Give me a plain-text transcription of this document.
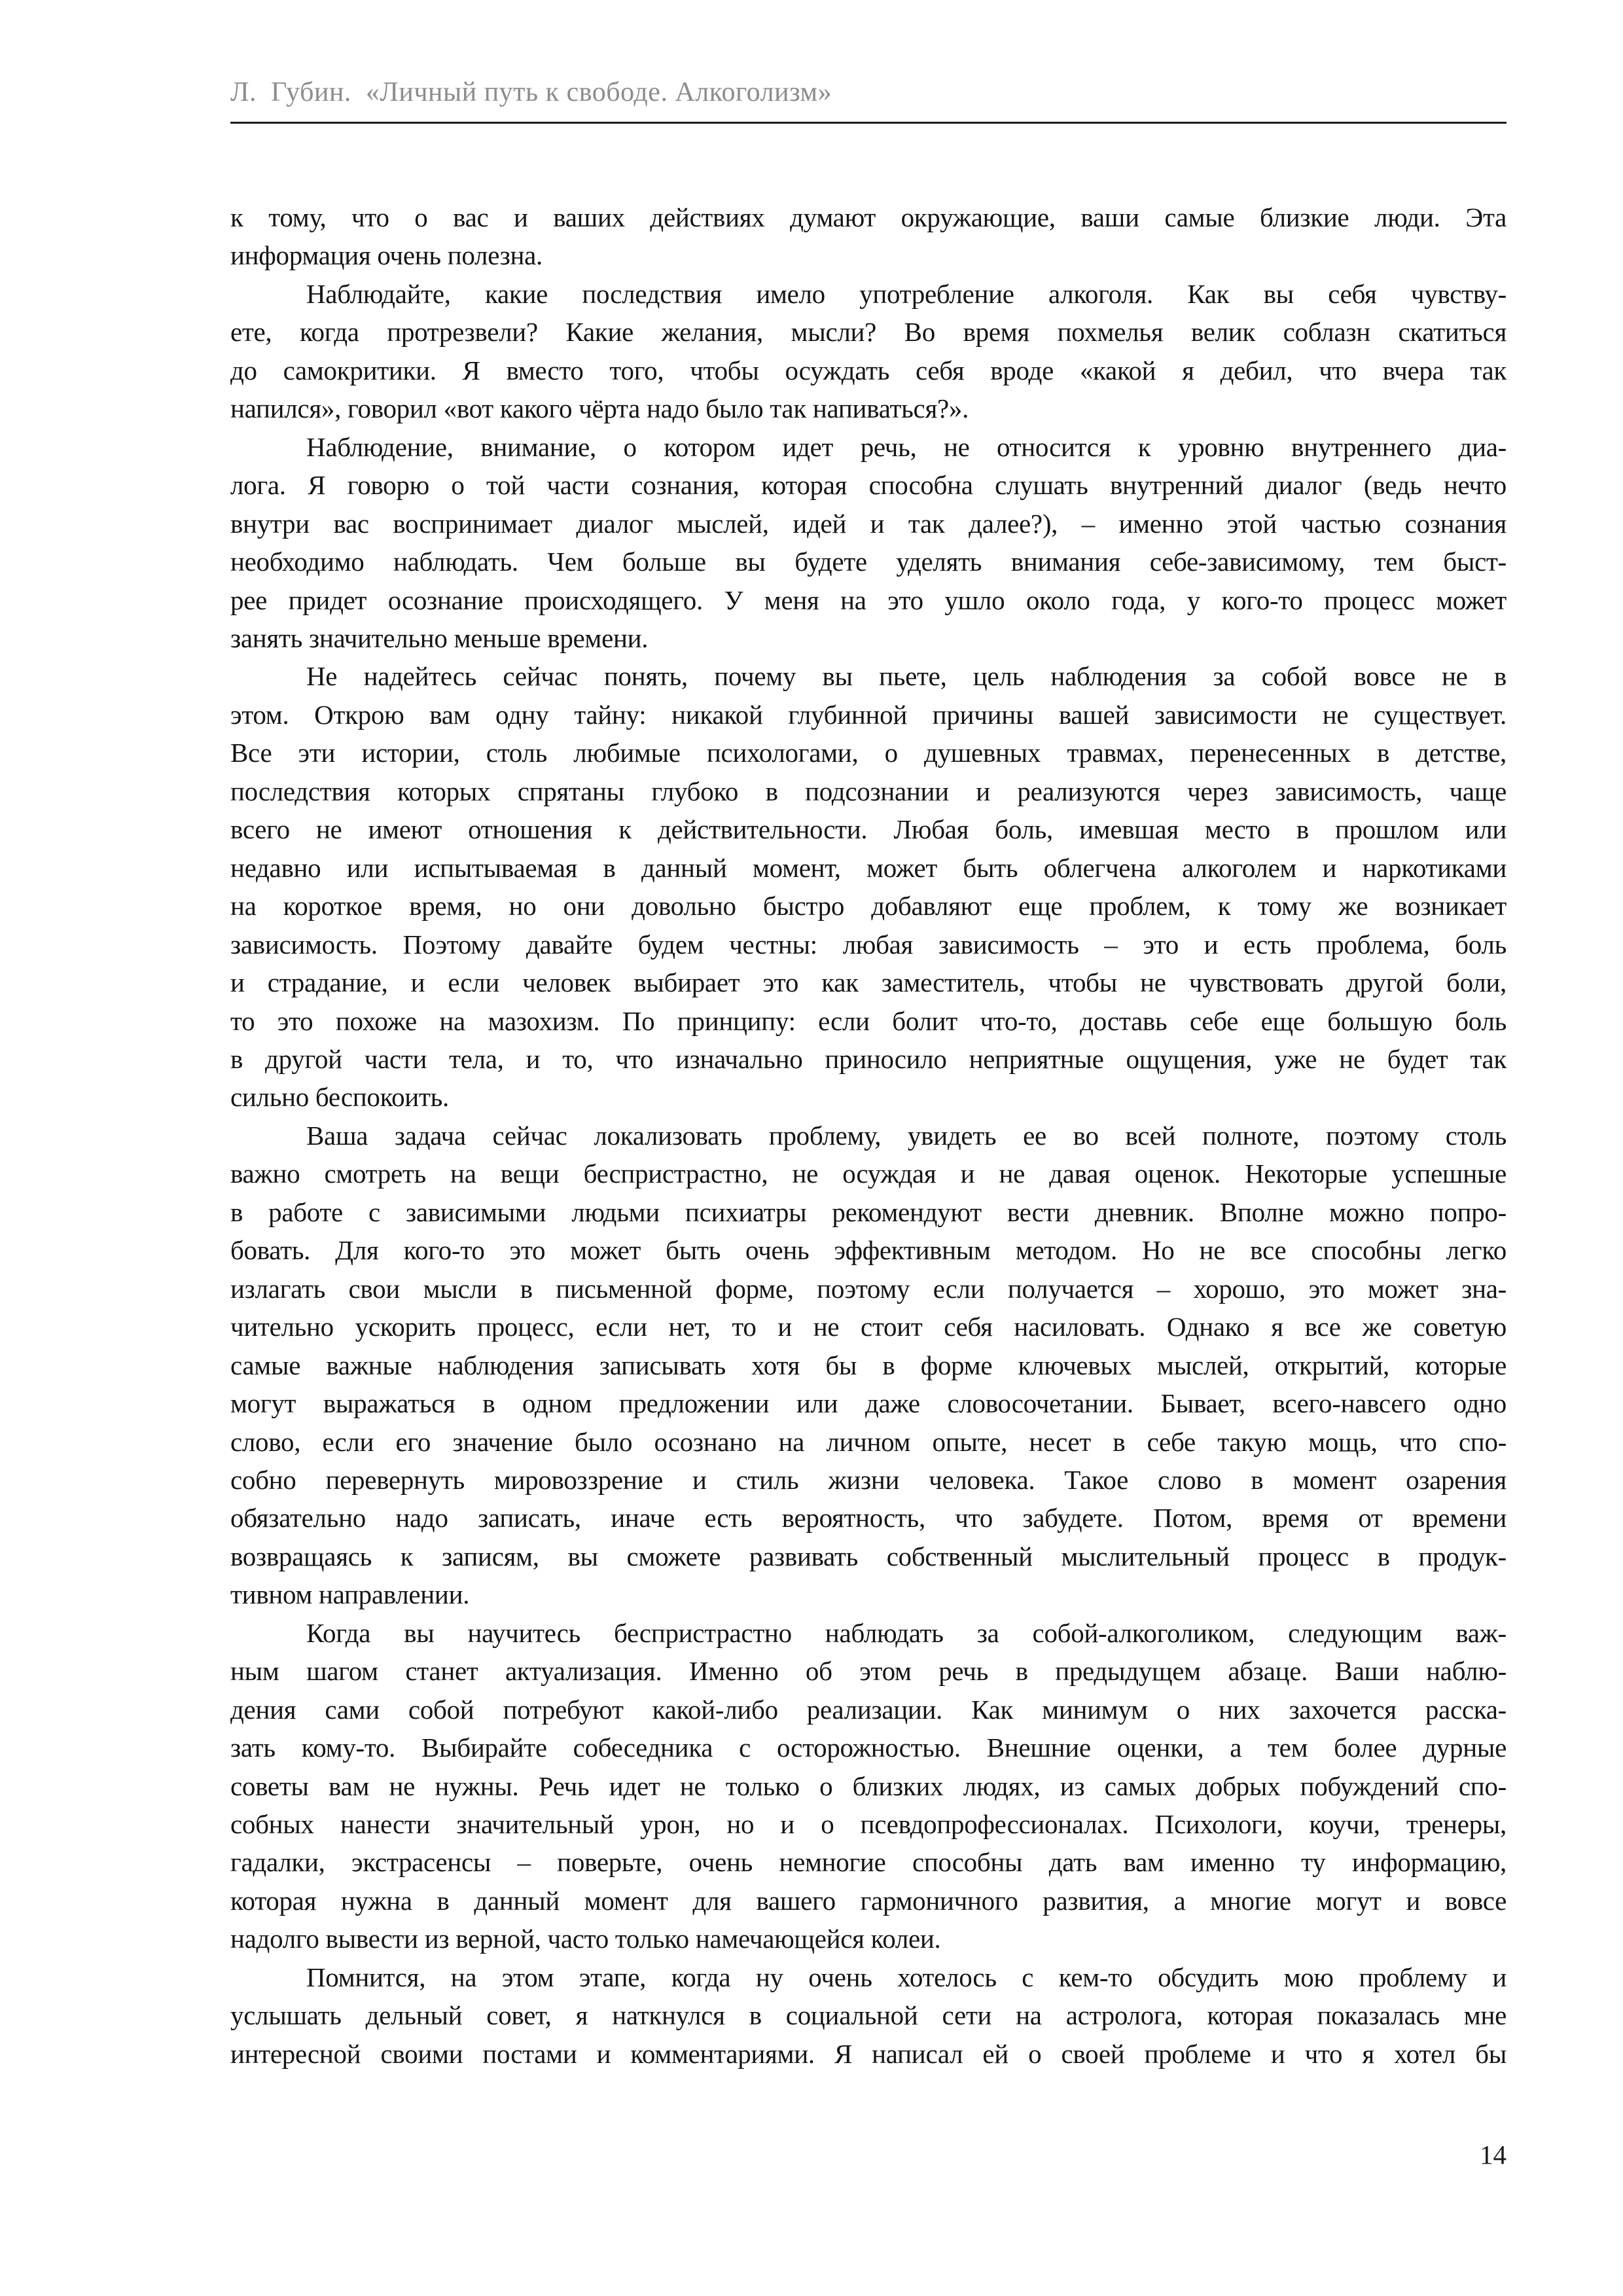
Л.  Губин.  «Личный путь к свободе. Алкоголизм»
к тому, что о вас и ваших действиях думают окружающие, ваши самые близкие люди. Эта
информация очень полезна.
Наблюдайте, какие последствия имело употребление алкоголя. Как вы себя чувству-
ете, когда протрезвели? Какие желания, мысли? Во время похмелья велик соблазн скатиться
до самокритики. Я вместо того, чтобы осуждать себя вроде «какой я дебил, что вчера так
напился», говорил «вот какого чёрта надо было так напиваться?».
Наблюдение, внимание, о котором идет речь, не относится к уровню внутреннего диа-
лога. Я говорю о той части сознания, которая способна слушать внутренний диалог (ведь нечто
внутри вас воспринимает диалог мыслей, идей и так далее?), – именно этой частью сознания
необходимо наблюдать. Чем больше вы будете уделять внимания себе-зависимому, тем быст-
рее придет осознание происходящего. У меня на это ушло около года, у кого-то процесс может
занять значительно меньше времени.
Не надейтесь сейчас понять, почему вы пьете, цель наблюдения за собой вовсе не в
этом. Открою вам одну тайну: никакой глубинной причины вашей зависимости не существует.
Все эти истории, столь любимые психологами, о душевных травмах, перенесенных в детстве,
последствия которых спрятаны глубоко в подсознании и реализуются через зависимость, чаще
всего не имеют отношения к действительности. Любая боль, имевшая место в прошлом или
недавно или испытываемая в данный момент, может быть облегчена алкоголем и наркотиками
на короткое время, но они довольно быстро добавляют еще проблем, к тому же возникает
зависимость. Поэтому давайте будем честны: любая зависимость – это и есть проблема, боль
и страдание, и если человек выбирает это как заместитель, чтобы не чувствовать другой боли,
то это похоже на мазохизм. По принципу: если болит что-то, доставь себе еще большую боль
в другой части тела, и то, что изначально приносило неприятные ощущения, уже не будет так
сильно беспокоить.
Ваша задача сейчас локализовать проблему, увидеть ее во всей полноте, поэтому столь
важно смотреть на вещи беспристрастно, не осуждая и не давая оценок. Некоторые успешные
в работе с зависимыми людьми психиатры рекомендуют вести дневник. Вполне можно попро-
бовать. Для кого-то это может быть очень эффективным методом. Но не все способны легко
излагать свои мысли в письменной форме, поэтому если получается – хорошо, это может зна-
чительно ускорить процесс, если нет, то и не стоит себя насиловать. Однако я все же советую
самые важные наблюдения записывать хотя бы в форме ключевых мыслей, открытий, которые
могут выражаться в одном предложении или даже словосочетании. Бывает, всего-навсего одно
слово, если его значение было осознано на личном опыте, несет в себе такую мощь, что спо-
собно перевернуть мировоззрение и стиль жизни человека. Такое слово в момент озарения
обязательно надо записать, иначе есть вероятность, что забудете. Потом, время от времени
возвращаясь к записям, вы сможете развивать собственный мыслительный процесс в продук-
тивном направлении.
Когда вы научитесь беспристрастно наблюдать за собой-алкоголиком, следующим важ-
ным шагом станет актуализация. Именно об этом речь в предыдущем абзаце. Ваши наблю-
дения сами собой потребуют какой-либо реализации. Как минимум о них захочется расска-
зать кому-то. Выбирайте собеседника с осторожностью. Внешние оценки, а тем более дурные
советы вам не нужны. Речь идет не только о близких людях, из самых добрых побуждений спо-
собных нанести значительный урон, но и о псевдопрофессионалах. Психологи, коучи, тренеры,
гадалки, экстрасенсы – поверьте, очень немногие способны дать вам именно ту информацию,
которая нужна в данный момент для вашего гармоничного развития, а многие могут и вовсе
надолго вывести из верной, часто только намечающейся колеи.
Помнится, на этом этапе, когда ну очень хотелось с кем-то обсудить мою проблему и
услышать дельный совет, я наткнулся в социальной сети на астролога, которая показалась мне
интересной своими постами и комментариями. Я написал ей о своей проблеме и что я хотел бы
14
